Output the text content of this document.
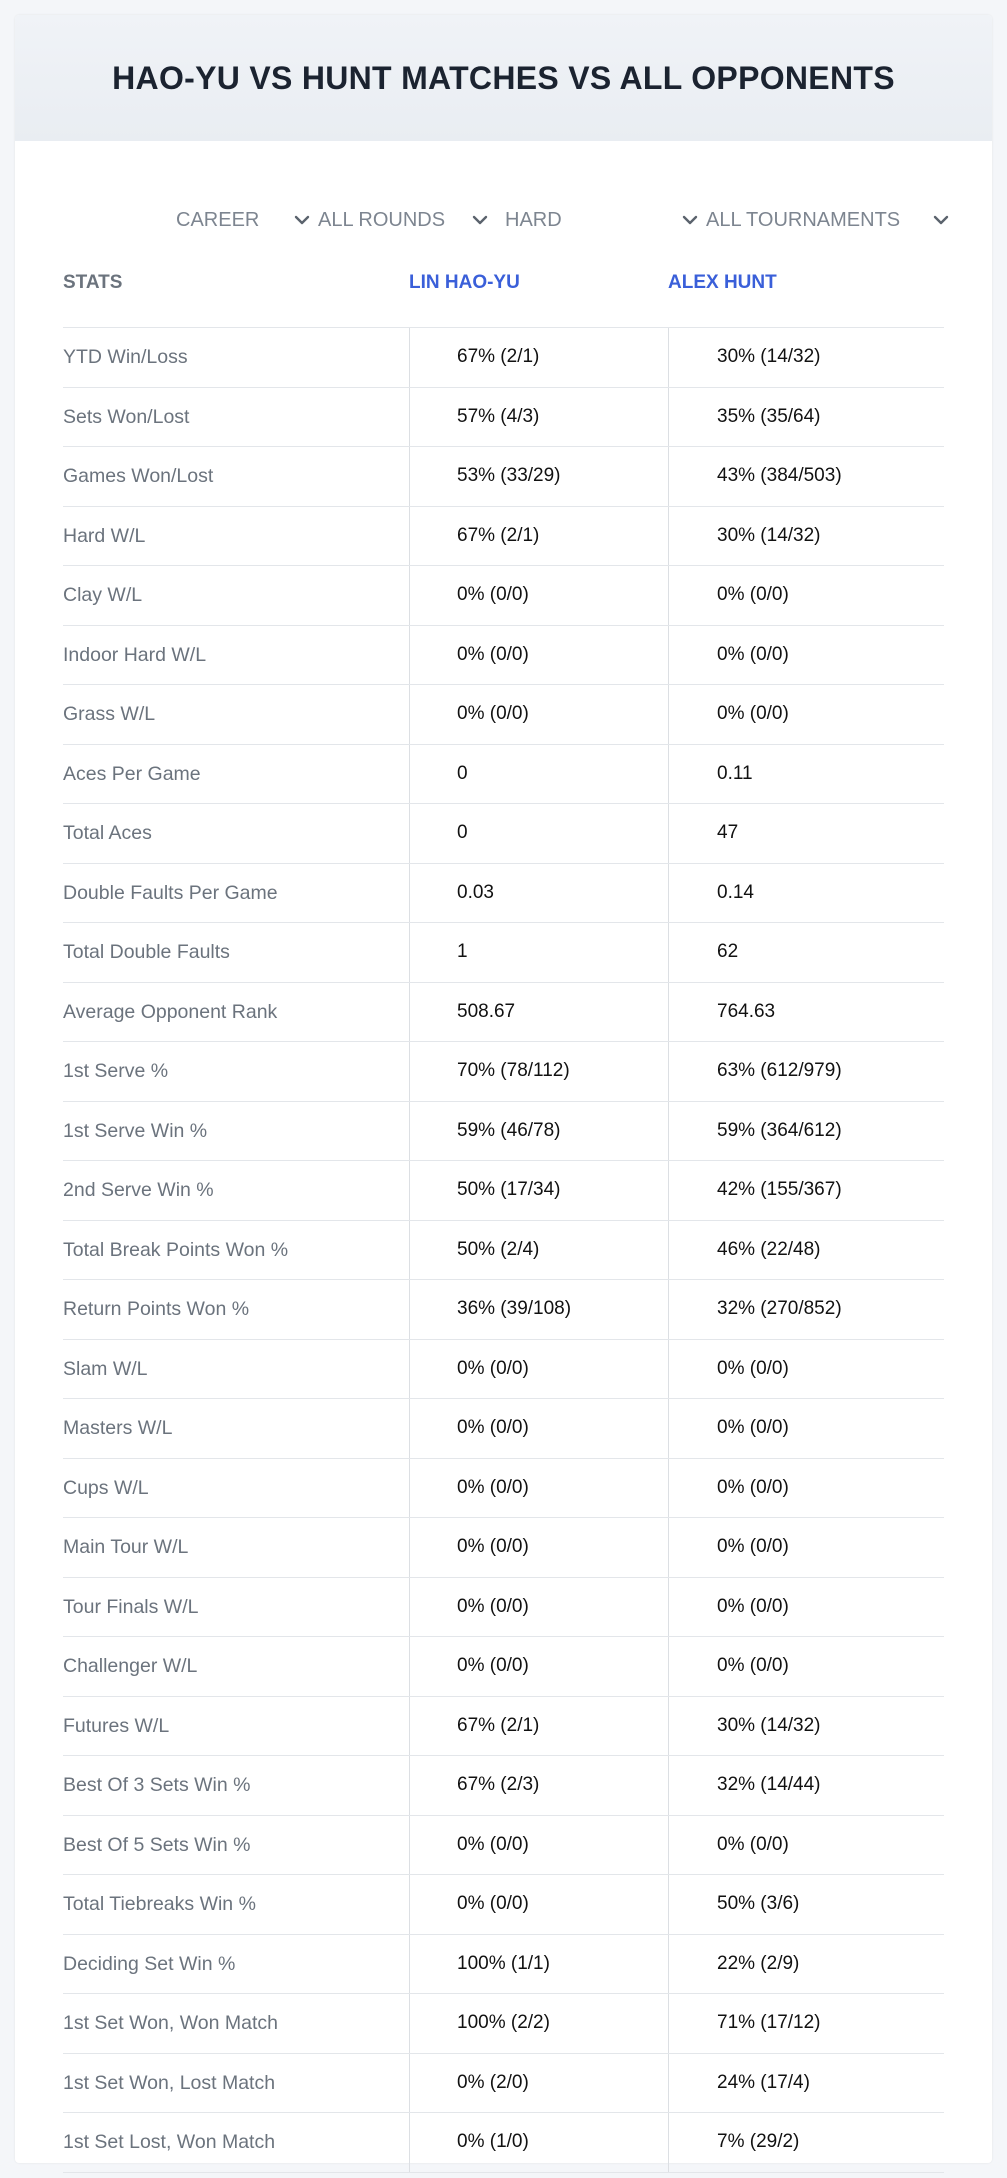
HAO-YU VS HUNT MATCHES VS ALL OPPONENTS
CAREER	ALL ROUNDS	HARD	ALL TOURNAMENTS
STATS	LIN HAO-YU	ALEX HUNT
YTD Win/Loss	67% (2/1)	30% (14/32)
Sets Won/Lost	57% (4/3)	35% (35/64)
Games Won/Lost	53% (33/29)	43% (384/503)
Hard W/L	67% (2/1)	30% (14/32)
Clay W/L	0% (0/0)	0% (0/0)
Indoor Hard W/L	0% (0/0)	0% (0/0)
Grass W/L	0% (0/0)	0% (0/0)
Aces Per Game	0	0.11
Total Aces	0	47
Double Faults Per Game	0.03	0.14
Total Double Faults	1	62
Average Opponent Rank	508.67	764.63
1st Serve %	70% (78/112)	63% (612/979)
1st Serve Win %	59% (46/78)	59% (364/612)
2nd Serve Win %	50% (17/34)	42% (155/367)
Total Break Points Won %	50% (2/4)	46% (22/48)
Return Points Won %	36% (39/108)	32% (270/852)
Slam W/L	0% (0/0)	0% (0/0)
Masters W/L	0% (0/0)	0% (0/0)
Cups W/L	0% (0/0)	0% (0/0)
Main Tour W/L	0% (0/0)	0% (0/0)
Tour Finals W/L	0% (0/0)	0% (0/0)
Challenger W/L	0% (0/0)	0% (0/0)
Futures W/L	67% (2/1)	30% (14/32)
Best Of 3 Sets Win %	67% (2/3)	32% (14/44)
Best Of 5 Sets Win %	0% (0/0)	0% (0/0)
Total Tiebreaks Win %	0% (0/0)	50% (3/6)
Deciding Set Win %	100% (1/1)	22% (2/9)
1st Set Won, Won Match	100% (2/2)	71% (17/12)
1st Set Won, Lost Match	0% (2/0)	24% (17/4)
1st Set Lost, Won Match	0% (1/0)	7% (29/2)
